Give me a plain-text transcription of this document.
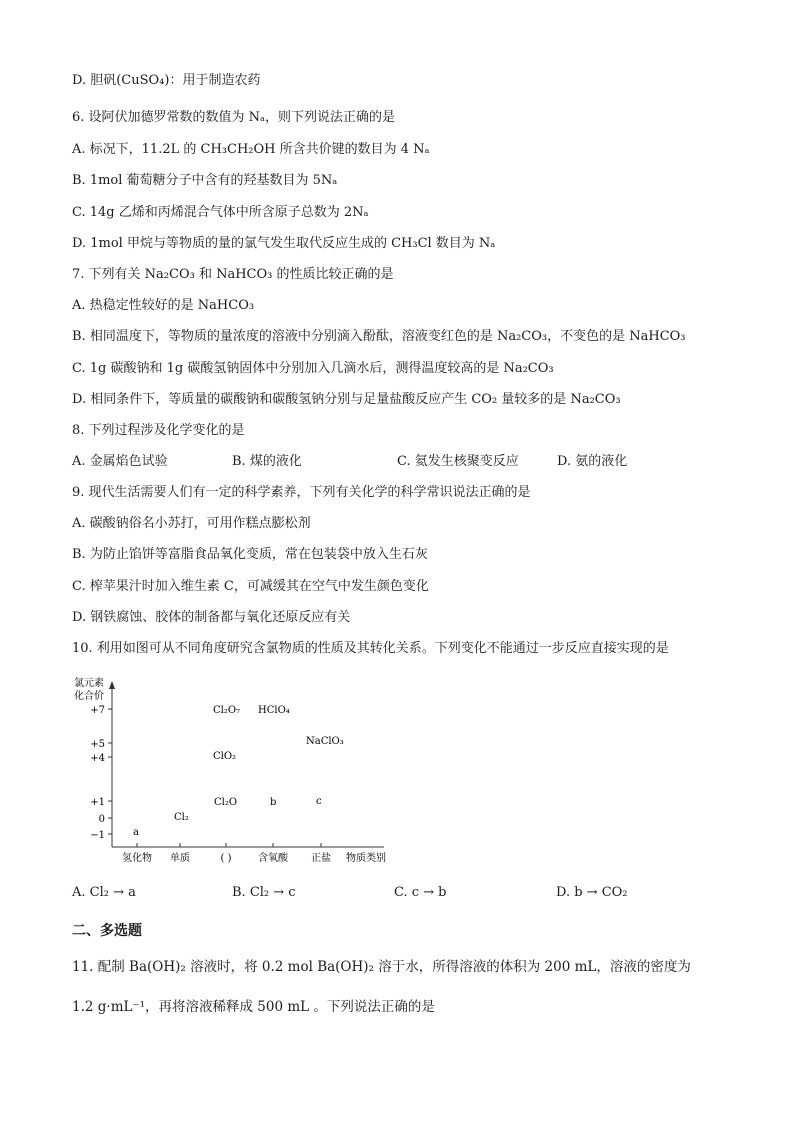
D. 胆矾(CuSO₄)：用于制造农药
6. 设阿伏加德罗常数的数值为 Nₐ，则下列说法正确的是
A. 标况下，11.2L 的 CH₃CH₂OH 所含共价键的数目为 4 Nₐ
B. 1mol 葡萄糖分子中含有的羟基数目为 5Nₐ
C. 14g 乙烯和丙烯混合气体中所含原子总数为 2Nₐ
D. 1mol 甲烷与等物质的量的氯气发生取代反应生成的 CH₃Cl 数目为 Nₐ
7. 下列有关 Na₂CO₃ 和 NaHCO₃ 的性质比较正确的是
A. 热稳定性较好的是 NaHCO₃
B. 相同温度下，等物质的量浓度的溶液中分别滴入酚酞，溶液变红色的是 Na₂CO₃，不变色的是 NaHCO₃
C. 1g 碳酸钠和 1g 碳酸氢钠固体中分别加入几滴水后，测得温度较高的是 Na₂CO₃
D. 相同条件下，等质量的碳酸钠和碳酸氢钠分别与足量盐酸反应产生 CO₂ 量较多的是 Na₂CO₃
8. 下列过程涉及化学变化的是
A. 金属焰色试验	B. 煤的液化	C. 氦发生核聚变反应	D. 氨的液化
9. 现代生活需要人们有一定的科学素养，下列有关化学的科学常识说法正确的是
A. 碳酸钠俗名小苏打，可用作糕点膨松剂
B. 为防止馅饼等富脂食品氧化变质，常在包装袋中放入生石灰
C. 榨苹果汁时加入维生素 C，可减缓其在空气中发生颜色变化
D. 钢铁腐蚀、胶体的制备都与氧化还原反应有关
10. 利用如图可从不同角度研究含氯物质的性质及其转化关系。下列变化不能通过一步反应直接实现的是
氯元素
化合价
+7
+5
+4
+1
0
−1
氢化物 单质	( )	含氧酸 正盐 物质类别
Cl₂O₇ HClO₄
NaClO₃
ClO₂
Cl₂O	b	c
Cl₂
a
A. Cl₂ → a	B. Cl₂ → c	C. c → b	D. b → CO₂
二、多选题
11. 配制 Ba(OH)₂ 溶液时，将 0.2 mol Ba(OH)₂ 溶于水，所得溶液的体积为 200 mL，溶液的密度为
1.2 g·mL⁻¹，再将溶液稀释成 500 mL 。下列说法正确的是
